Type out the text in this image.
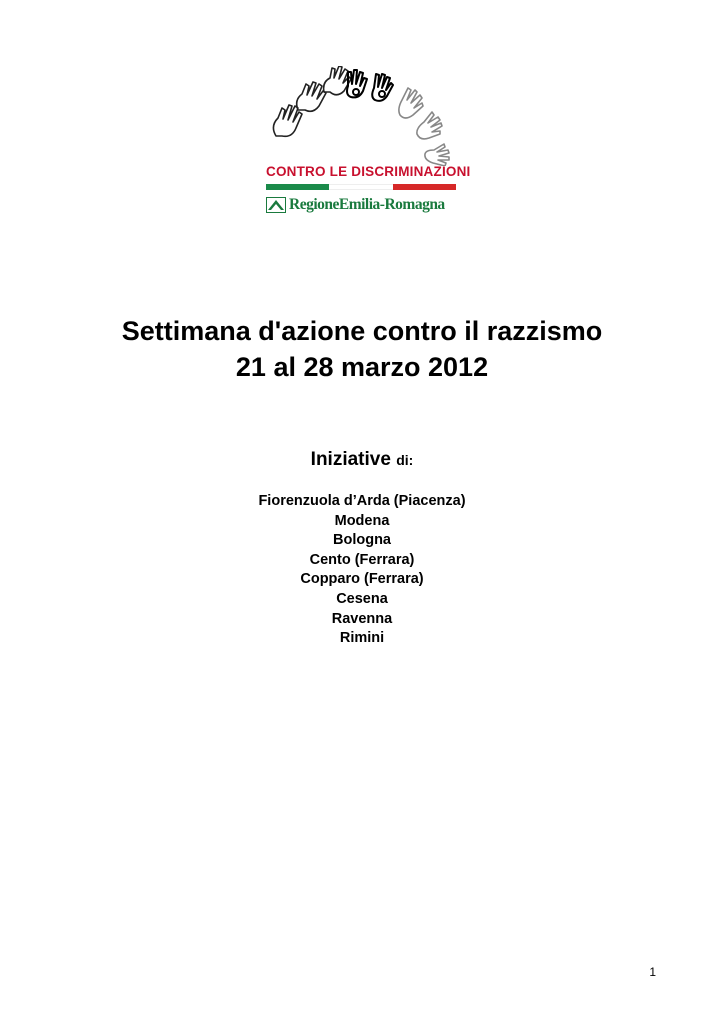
CONTRO LE DISCRIMINAZIONI
RegioneEmilia-Romagna
Settimana d'azione contro il razzismo
21 al 28 marzo 2012
Iniziative di:
Fiorenzuola d’Arda (Piacenza)
Modena
Bologna
Cento (Ferrara)
Copparo (Ferrara)
Cesena
Ravenna
Rimini
1
